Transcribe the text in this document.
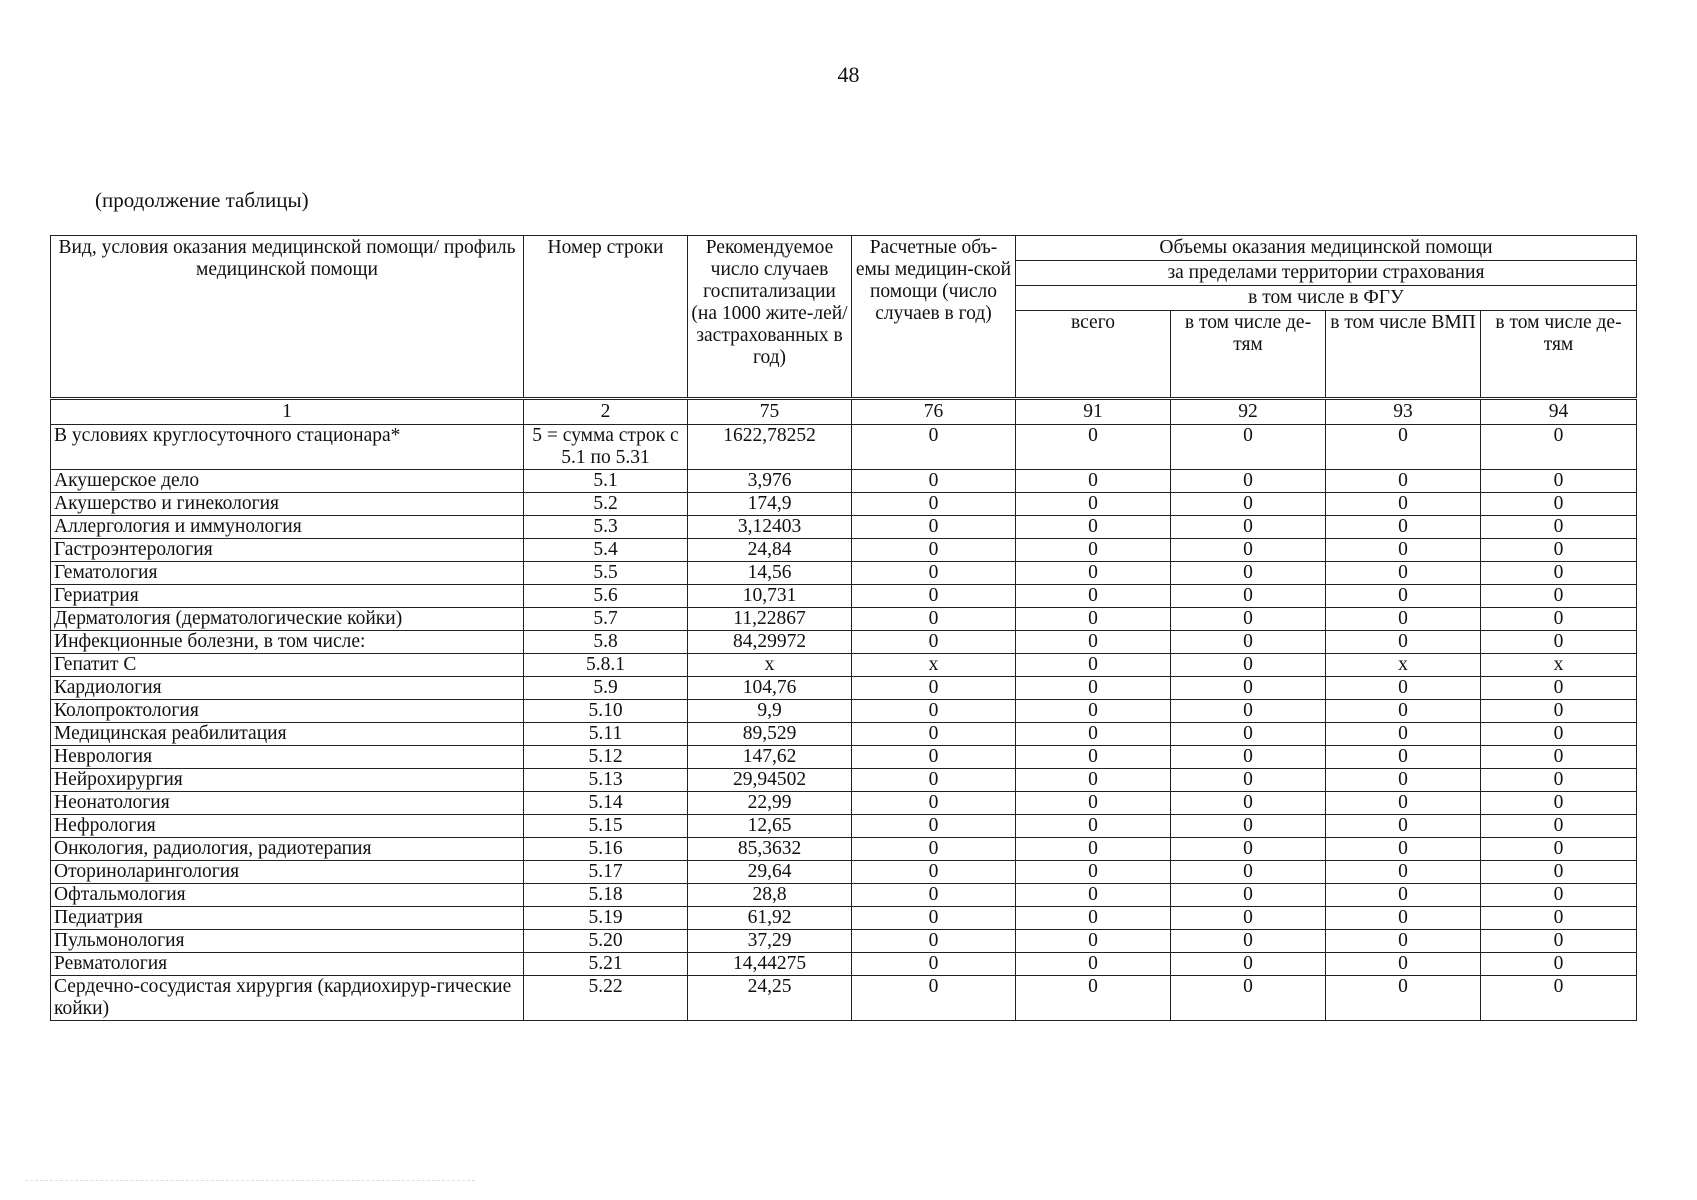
48
(продолжение таблицы)
Вид, условия оказания медицинской помощи/ профиль медицинской помощи	Номер строки	Рекомендуемое число случаев госпитализации (на 1000 жите-лей/ застрахованных в год)	Расчетные объ-емы медицин-ской помощи (число случаев в год)	Объемы оказания медицинской помощи			
				за пределами территории страхования			
				в том числе в ФГУ			
				всего	в том числе де-тям	в том числе ВМП	в том числе де-тям
1	2	75	76	91	92	93	94
В условиях круглосуточного стационара*	5 = сумма строк с 5.1 по 5.31	1622,78252	0	0	0	0	0
Акушерское дело	5.1	3,976	0	0	0	0	0
Акушерство и гинекология	5.2	174,9	0	0	0	0	0
Аллергология и иммунология	5.3	3,12403	0	0	0	0	0
Гастроэнтерология	5.4	24,84	0	0	0	0	0
Гематология	5.5	14,56	0	0	0	0	0
Гериатрия	5.6	10,731	0	0	0	0	0
Дерматология (дерматологические койки)	5.7	11,22867	0	0	0	0	0
Инфекционные болезни, в том числе:	5.8	84,29972	0	0	0	0	0
Гепатит С	5.8.1	х	х	0	0	х	х
Кардиология	5.9	104,76	0	0	0	0	0
Колопроктология	5.10	9,9	0	0	0	0	0
Медицинская реабилитация	5.11	89,529	0	0	0	0	0
Неврология	5.12	147,62	0	0	0	0	0
Нейрохирургия	5.13	29,94502	0	0	0	0	0
Неонатология	5.14	22,99	0	0	0	0	0
Нефрология	5.15	12,65	0	0	0	0	0
Онкология, радиология, радиотерапия	5.16	85,3632	0	0	0	0	0
Оториноларингология	5.17	29,64	0	0	0	0	0
Офтальмология	5.18	28,8	0	0	0	0	0
Педиатрия	5.19	61,92	0	0	0	0	0
Пульмонология	5.20	37,29	0	0	0	0	0
Ревматология	5.21	14,44275	0	0	0	0	0
Сердечно-сосудистая хирургия (кардиохирур-гические койки)	5.22	24,25	0	0	0	0	0
